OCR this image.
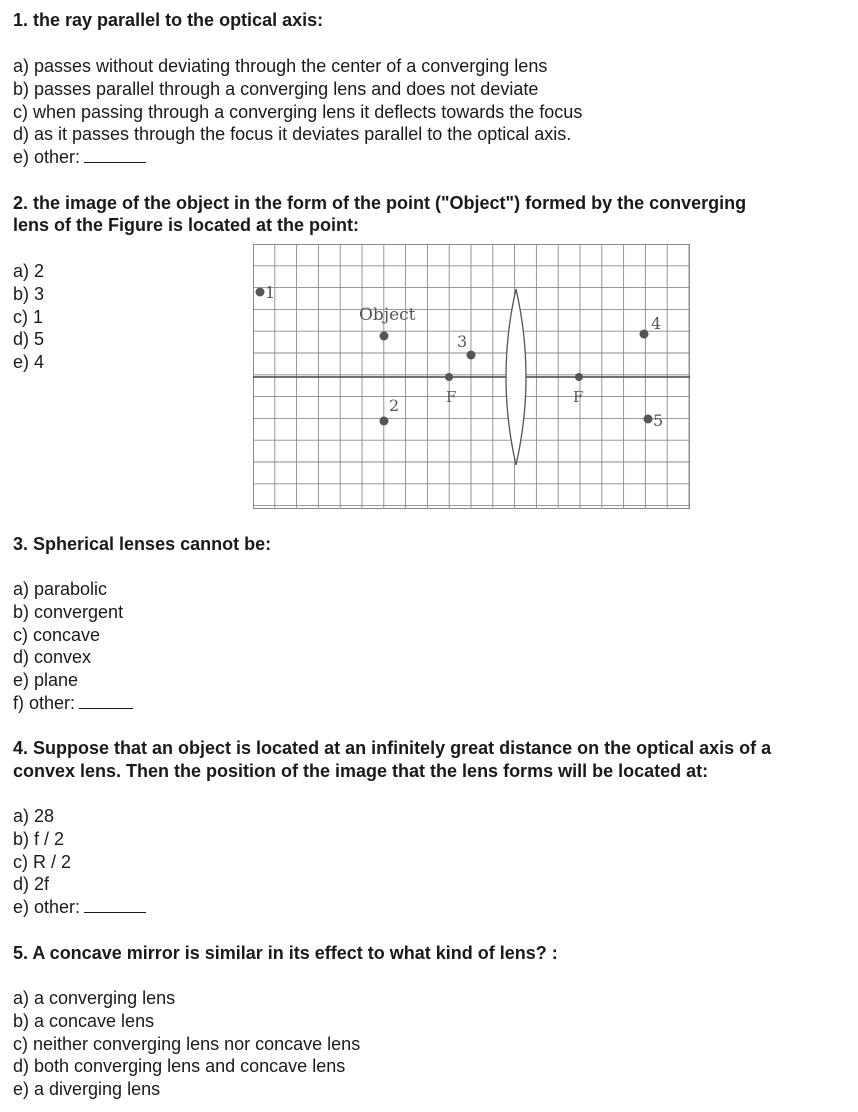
1. the ray parallel to the optical axis:

a) passes without deviating through the center of a converging lens
b) passes parallel through a converging lens and does not deviate
c) when passing through a converging lens it deflects towards the focus
d) as it passes through the focus it deviates parallel to the optical axis.
e) other:

2. the image of the object in the form of the point ("Object") formed by the converging

lens of the Figure is located at the point:

a) 2
b) 3
c) 1
d) 5
e) 4
1
Object
2
3
4
5
F	F

3. Spherical lenses cannot be:

a) parabolic
b) convergent
c) concave
d) convex
e) plane
f) other:

4. Suppose that an object is located at an infinitely great distance on the optical axis of a

convex lens. Then the position of the image that the lens forms will be located at:

a) 28
b) f / 2
c) R / 2
d) 2f
e) other:

5. A concave mirror is similar in its effect to what kind of lens? :

a) a converging lens
b) a concave lens
c) neither converging lens nor concave lens
d) both converging lens and concave lens
e) a diverging lens
